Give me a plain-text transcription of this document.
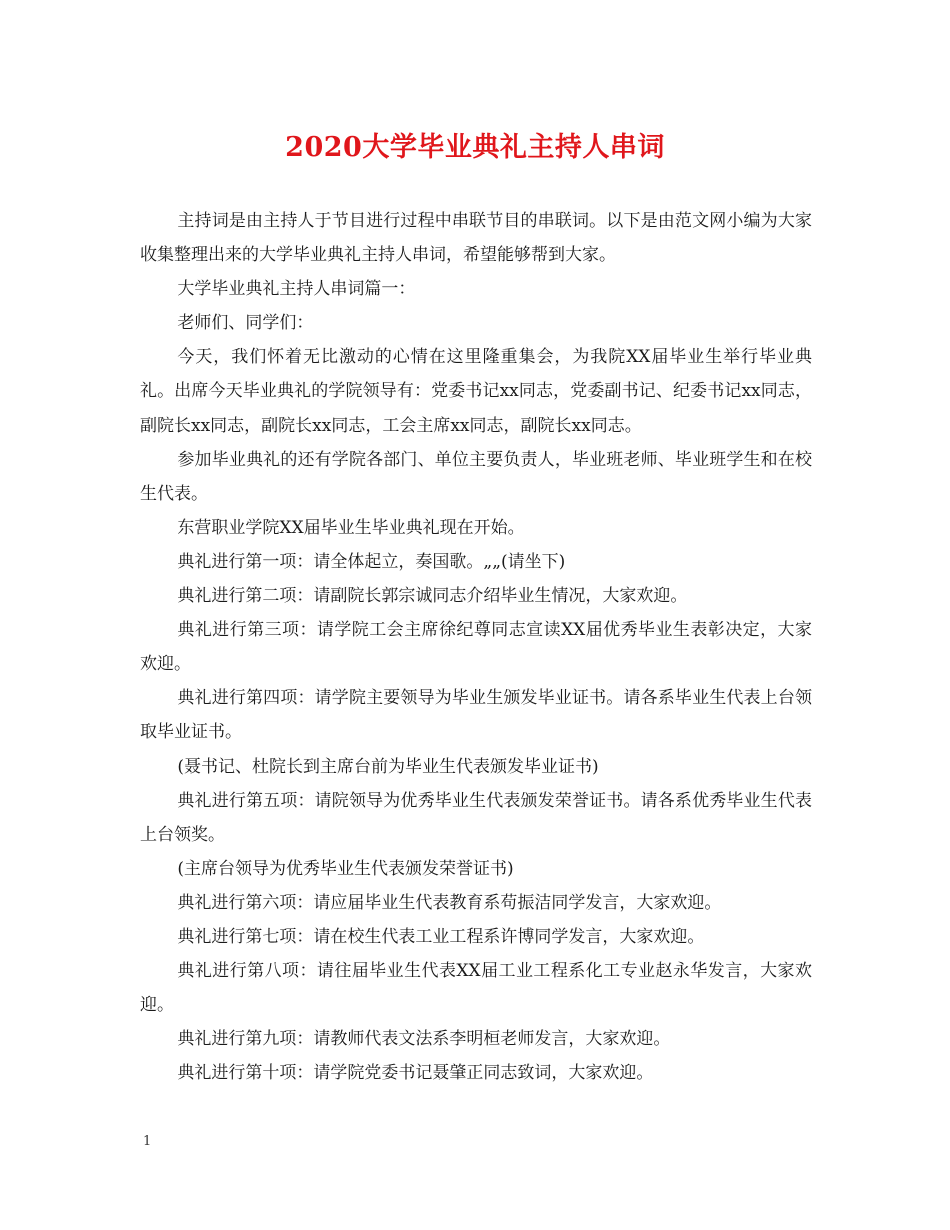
2020大学毕业典礼主持人串词

主持词是由主持人于节目进行过程中串联节目的串联词。以下是由范文网小编为大家收集整理出来的大学毕业典礼主持人串词，希望能够帮到大家。

大学毕业典礼主持人串词篇一：

老师们、同学们：

今天，我们怀着无比激动的心情在这里隆重集会，为我院XX届毕业生举行毕业典礼。出席今天毕业典礼的学院领导有：党委书记xx同志，党委副书记、纪委书记xx同志，副院长xx同志，副院长xx同志，工会主席xx同志，副院长xx同志。

参加毕业典礼的还有学院各部门、单位主要负责人，毕业班老师、毕业班学生和在校生代表。

东营职业学院XX届毕业生毕业典礼现在开始。

典礼进行第一项：请全体起立，奏国歌。„„(请坐下)

典礼进行第二项：请副院长郭宗诚同志介绍毕业生情况，大家欢迎。

典礼进行第三项：请学院工会主席徐纪尊同志宣读XX届优秀毕业生表彰决定，大家欢迎。

典礼进行第四项：请学院主要领导为毕业生颁发毕业证书。请各系毕业生代表上台领取毕业证书。

(聂书记、杜院长到主席台前为毕业生代表颁发毕业证书)

典礼进行第五项：请院领导为优秀毕业生代表颁发荣誉证书。请各系优秀毕业生代表上台领奖。

(主席台领导为优秀毕业生代表颁发荣誉证书)

典礼进行第六项：请应届毕业生代表教育系苟振洁同学发言，大家欢迎。

典礼进行第七项：请在校生代表工业工程系许博同学发言，大家欢迎。

典礼进行第八项：请往届毕业生代表XX届工业工程系化工专业赵永华发言，大家欢迎。

典礼进行第九项：请教师代表文法系李明桓老师发言，大家欢迎。

典礼进行第十项：请学院党委书记聂肇正同志致词，大家欢迎。

1
